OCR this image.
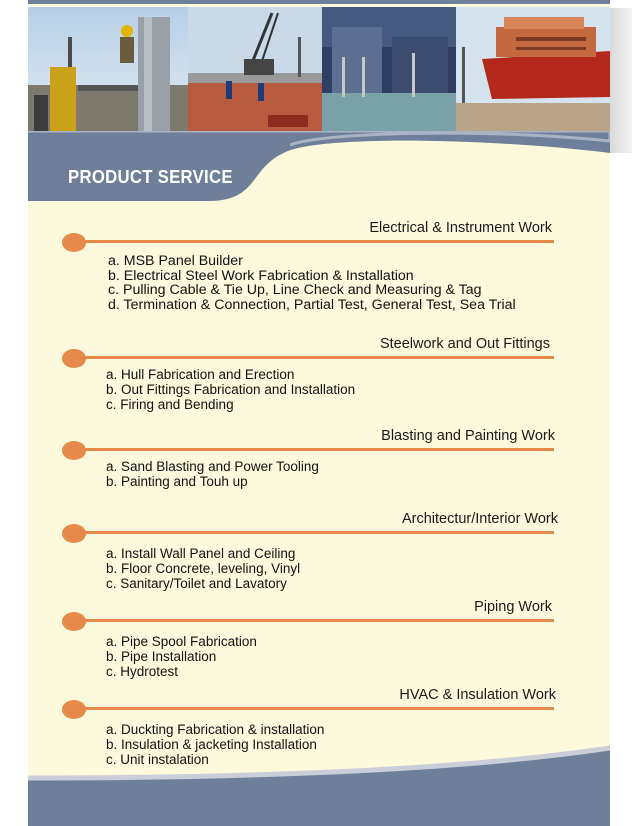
PRODUCT SERVICE
Electrical & Instrument Work
a. MSB Panel Builder
b. Electrical Steel Work Fabrication & Installation
c. Pulling Cable & Tie Up, Line Check and Measuring & Tag
d. Termination & Connection, Partial Test, General Test, Sea Trial
Steelwork and Out Fittings
a. Hull Fabrication and Erection
b. Out Fittings Fabrication and Installation
c. Firing and Bending
Blasting and Painting Work
a. Sand Blasting and Power Tooling
b. Painting and Touh up
Architectur/Interior Work
a. Install Wall Panel and Ceiling
b. Floor Concrete, leveling, Vinyl
c. Sanitary/Toilet and Lavatory
Piping Work
a. Pipe Spool Fabrication
b. Pipe Installation
c. Hydrotest
HVAC & Insulation Work
a. Duckting Fabrication & installation
b. Insulation & jacketing Installation
c. Unit instalation
